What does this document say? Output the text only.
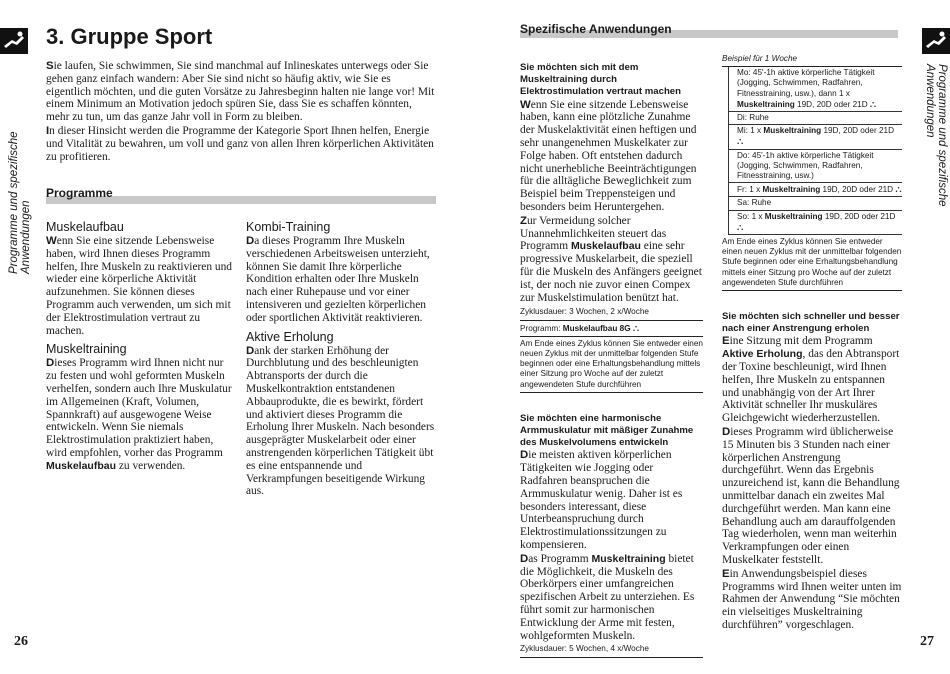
Programme und spezifische Anwendungen
26
3. Gruppe Sport

Sie laufen, Sie schwimmen, Sie sind manchmal auf Inlineskates unterwegs oder Sie gehen ganz einfach wandern: Aber Sie sind nicht so häufig aktiv, wie Sie es eigentlich möchten, und die guten Vorsätze zu Jahresbeginn halten nie lange vor! Mit einem Minimum an Motivation jedoch spüren Sie, dass Sie es schaffen könnten, mehr zu tun, um das ganze Jahr voll in Form zu bleiben.

In dieser Hinsicht werden die Programme der Kategorie Sport Ihnen helfen, Energie und Vitalität zu bewahren, um voll und ganz von allen Ihren körperlichen Aktivitäten zu profitieren.

Programme
Muskelaufbau

Wenn Sie eine sitzende Lebensweise haben, wird Ihnen dieses Programm helfen, Ihre Muskeln zu reaktivieren und wieder eine körperliche Aktivität aufzunehmen. Sie können dieses Programm auch verwenden, um sich mit der Elektrostimulation vertraut zu machen.

Muskeltraining

Dieses Programm wird Ihnen nicht nur zu festen und wohl geformten Muskeln verhelfen, sondern auch Ihre Muskulatur im Allgemeinen (Kraft, Volumen, Spannkraft) auf ausgewogene Weise entwickeln. Wenn Sie niemals Elektrostimulation praktiziert haben, wird empfohlen, vorher das Programm Muskelaufbau zu verwenden.

Kombi-Training

Da dieses Programm Ihre Muskeln verschiedenen Arbeitsweisen unterzieht, können Sie damit Ihre körperliche Kondition erhalten oder Ihre Muskeln nach einer Ruhepause und vor einer intensiveren und gezielten körperlichen oder sportlichen Aktivität reaktivieren.

Aktive Erholung

Dank der starken Erhöhung der Durchblutung und des beschleunigten Abtransports der durch die Muskelkontraktion entstandenen Abbauprodukte, die es bewirkt, fördert und aktiviert dieses Programm die Erholung Ihrer Muskeln. Nach besonders ausgeprägter Muskelarbeit oder einer anstrengenden körperlichen Tätigkeit übt es eine entspannende und Verkrampfungen beseitigende Wirkung aus.

Spezifische Anwendungen
Programme und spezifische Anwendungen
27
Sie möchten sich mit dem Muskeltraining durch Elektrostimulation vertraut machen

Wenn Sie eine sitzende Lebensweise haben, kann eine plötzliche Zunahme der Muskelaktivität einen heftigen und sehr unangenehmen Muskelkater zur Folge haben. Oft entstehen dadurch nicht unerhebliche Beeinträchtigungen für die alltägliche Beweglichkeit zum Beispiel beim Treppensteigen und besonders beim Heruntergehen.

Zur Vermeidung solcher Unannehmlichkeiten steuert das Programm Muskelaufbau eine sehr progressive Muskelarbeit, die speziell für die Muskeln des Anfängers geeignet ist, der noch nie zuvor einen Compex zur Muskelstimulation benützt hat.

Zyklusdauer: 3 Wochen, 2 x/Woche
Programm: Muskelaufbau 8G ⛬
Am Ende eines Zyklus können Sie entweder einen neuen Zyklus mit der unmittelbar folgenden Stufe beginnen oder eine Erhaltungsbehandlung mittels einer Sitzung pro Woche auf der zuletzt angewendeten Stufe durchführen
Sie möchten eine harmonische Armmuskulatur mit mäßiger Zunahme des Muskelvolumens entwickeln

Die meisten aktiven körperlichen Tätigkeiten wie Jogging oder Radfahren beanspruchen die Armmuskulatur wenig. Daher ist es besonders interessant, diese Unterbeanspruchung durch Elektrostimulationssitzungen zu kompensieren.

Das Programm Muskeltraining bietet die Möglichkeit, die Muskeln des Oberkörpers einer umfangreichen spezifischen Arbeit zu unterziehen. Es führt somit zur harmonischen Entwicklung der Arme mit festen, wohlgeformten Muskeln.

Zyklusdauer: 5 Wochen, 4 x/Woche
Beispiel für 1 Woche
Mo: 45'-1h aktive körperliche Tätigkeit (Jogging, Schwimmen, Radfahren, Fitnesstraining, usw.), dann 1 x Muskeltraining 19D, 20D oder 21D ⛬
Di: Ruhe
Mi: 1 x Muskeltraining 19D, 20D oder 21D ⛬
Do: 45'-1h aktive körperliche Tätigkeit (Jogging, Schwimmen, Radfahren, Fitnesstraining, usw.)
Fr: 1 x Muskeltraining 19D, 20D oder 21D ⛬
Sa: Ruhe
So: 1 x Muskeltraining 19D, 20D oder 21D ⛬
Am Ende eines Zyklus können Sie entweder einen neuen Zyklus mit der unmittelbar folgenden Stufe beginnen oder eine Erhaltungsbehandlung mittels einer Sitzung pro Woche auf der zuletzt angewendeten Stufe durchführen
Sie möchten sich schneller und besser nach einer Anstrengung erholen

Eine Sitzung mit dem Programm Aktive Erholung, das den Abtransport der Toxine beschleunigt, wird Ihnen helfen, Ihre Muskeln zu entspannen und unabhängig von der Art Ihrer Aktivität schneller Ihr muskuläres Gleichgewicht wiederherzustellen.

Dieses Programm wird üblicherweise 15 Minuten bis 3 Stunden nach einer körperlichen Anstrengung durchgeführt. Wenn das Ergebnis unzureichend ist, kann die Behandlung unmittelbar danach ein zweites Mal durchgeführt werden. Man kann eine Behandlung auch am darauffolgenden Tag wiederholen, wenn man weiterhin Verkrampfungen oder einen Muskelkater feststellt.

Ein Anwendungsbeispiel dieses Programms wird Ihnen weiter unten im Rahmen der Anwendung “Sie möchten ein vielseitiges Muskeltraining durchführen” vorgeschlagen.
